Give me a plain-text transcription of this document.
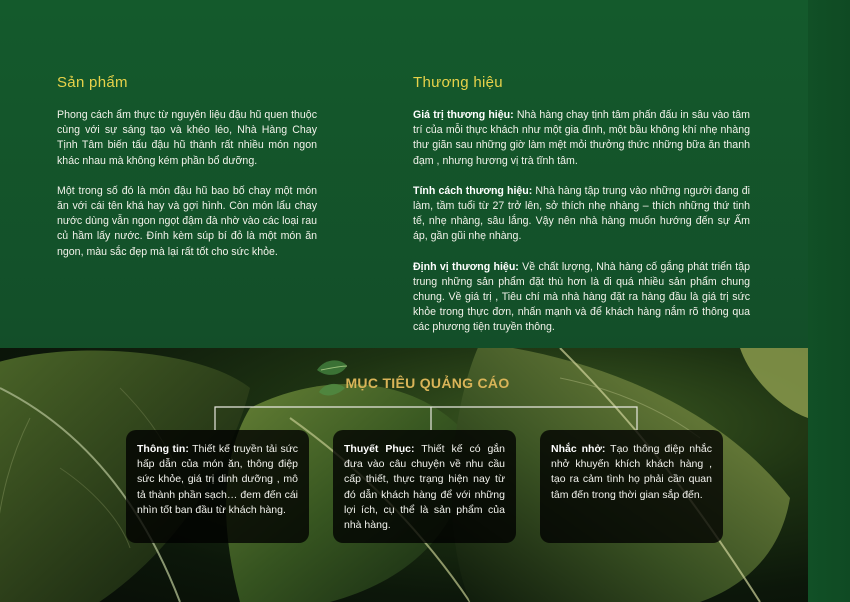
Sản phẩm

Phong cách ẩm thực từ nguyên liệu đậu hũ quen thuộc cùng với sự sáng tạo và khéo léo, Nhà Hàng Chay Tịnh Tâm biến tấu đậu hũ thành rất nhiều món ngon khác nhau mà không kém phần bổ dưỡng.

Một trong số đó là món đậu hũ bao bố chay một món ăn với cái tên khá hay và gợi hình. Còn món lẩu chay nước dùng vẫn ngon ngọt đậm đà nhờ vào các loại rau củ hầm lấy nước. Đính kèm súp bí đỏ là một món ăn ngon, màu sắc đẹp mà lại rất tốt cho sức khỏe.

Thương hiệu

Giá trị thương hiệu: Nhà hàng chay tịnh tâm phấn đấu in sâu vào tâm trí của mỗi thực khách như một gia đình, một bầu không khí nhẹ nhàng thư giãn sau những giờ làm mệt mỏi thưởng thức những bữa ăn thanh đạm , nhưng hương vị trà tĩnh tâm.

Tính cách thương hiệu: Nhà hàng tập trung vào những người đang đi làm, tầm tuổi từ 27 trở lên, sở thích nhẹ nhàng – thích những thứ tinh tế, nhẹ nhàng, sâu lắng. Vậy nên nhà hàng muốn hướng đến sự Ấm áp, gần gũi nhẹ nhàng.

Định vị thương hiệu: Về chất lượng, Nhà hàng cố gắng phát triển tập trung những sản phẩm đặt thù hơn là đi quá nhiều sản phẩm chung chung. Về giá trị , Tiêu chí mà nhà hàng đặt ra hàng đầu là giá trị sức khỏe trong thực đơn, nhấn mạnh và để khách hàng nắm rõ thông qua các phương tiện truyền thông.

MỤC TIÊU QUẢNG CÁO
Thông tin: Thiết kế truyền tải sức hấp dẫn của món ăn, thông điệp sức khỏe, giá trị dinh dưỡng , mô tả thành phần sạch… đem đến cái nhìn tốt ban đầu từ khách hàng.
Thuyết Phục: Thiết kế có gắn đưa vào câu chuyện về nhu cầu cấp thiết, thực trạng hiện nay từ đó dẫn khách hàng để với những lợi ích, cụ thể là sản phẩm của nhà hàng.
Nhắc nhở: Tạo thông điệp nhắc nhở khuyến khích khách hàng , tạo ra cảm tình họ phải cần quan tâm đến trong thời gian sắp đến.
